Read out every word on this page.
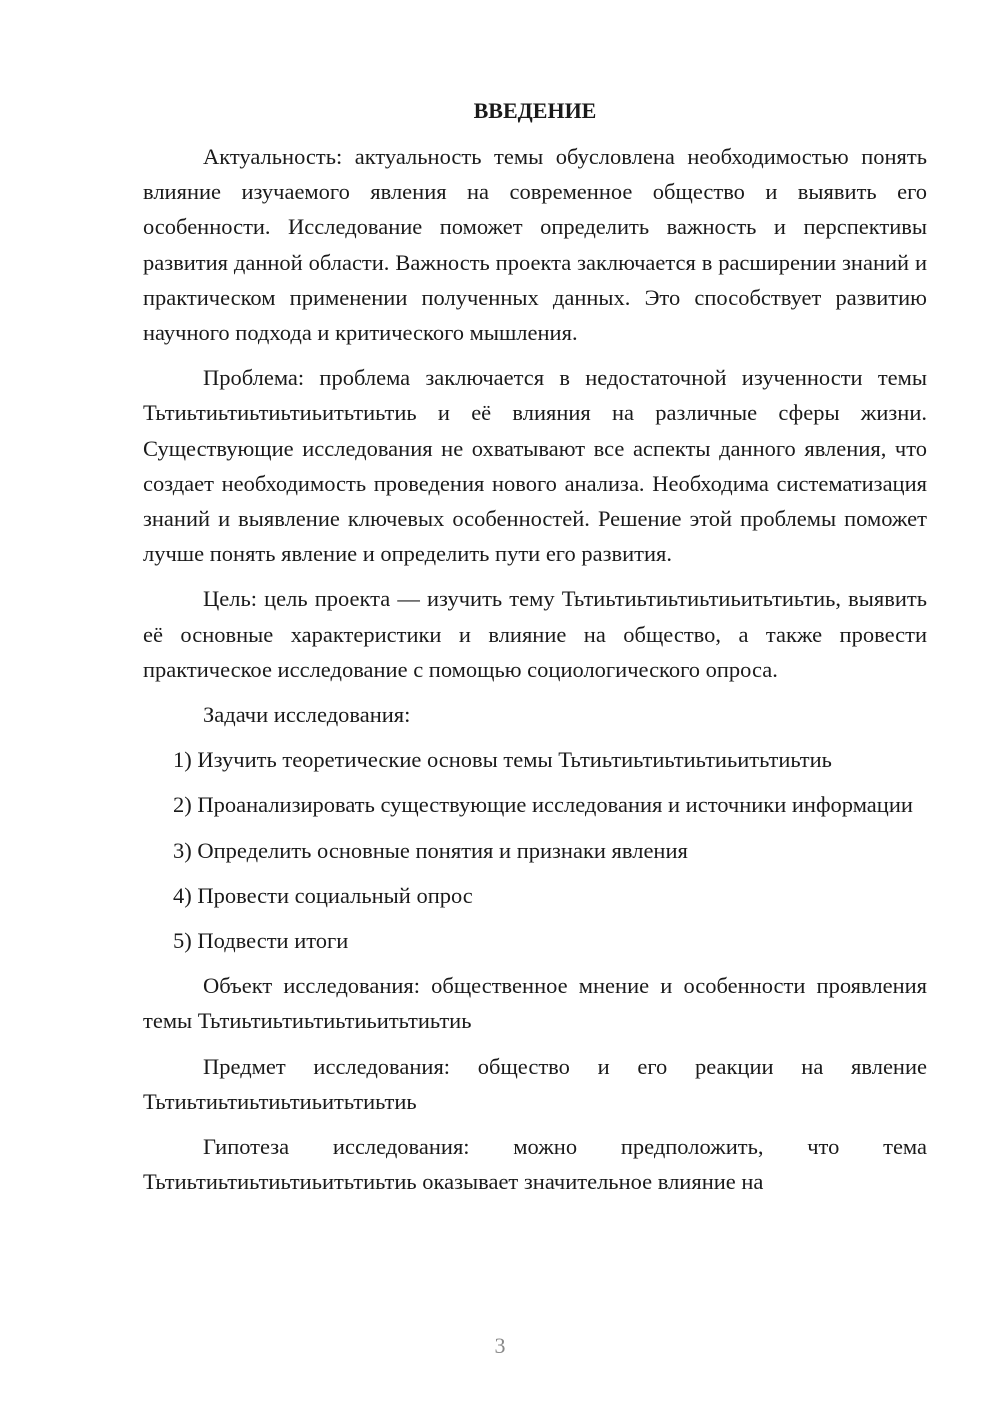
ВВЕДЕНИЕ

Актуальность: актуальность темы обусловлена необходимостью понять влияние изучаемого явления на современное общество и выявить его особенности. Исследование поможет определить важность и перспективы развития данной области. Важность проекта заключается в расширении знаний и практическом применении полученных данных. Это способствует развитию научного подхода и критического мышления.

Проблема: проблема заключается в недостаточной изученности темы Тьтиьтиьтиьтиьтиьитьтиьтиь и её влияния на различные сферы жизни. Существующие исследования не охватывают все аспекты данного явления, что создает необходимость проведения нового анализа. Необходима систематизация знаний и выявление ключевых особенностей. Решение этой проблемы поможет лучше понять явление и определить пути его развития.

Цель: цель проекта — изучить тему Тьтиьтиьтиьтиьтиьитьтиьтиь, выявить её основные характеристики и влияние на общество, а также провести практическое исследование с помощью социологического опроса.

Задачи исследования:

1) Изучить теоретические основы темы Тьтиьтиьтиьтиьтиьитьтиьтиь

2) Проанализировать существующие исследования и источники информации

3) Определить основные понятия и признаки явления

4) Провести социальный опрос

5) Подвести итоги

Объект исследования: общественное мнение и особенности проявления темы Тьтиьтиьтиьтиьтиьитьтиьтиь

Предмет исследования: общество и его реакции на явление Тьтиьтиьтиьтиьтиьитьтиьтиь

Гипотеза исследования: можно предположить, что тема Тьтиьтиьтиьтиьтиьитьтиьтиь оказывает значительное влияние на

3
